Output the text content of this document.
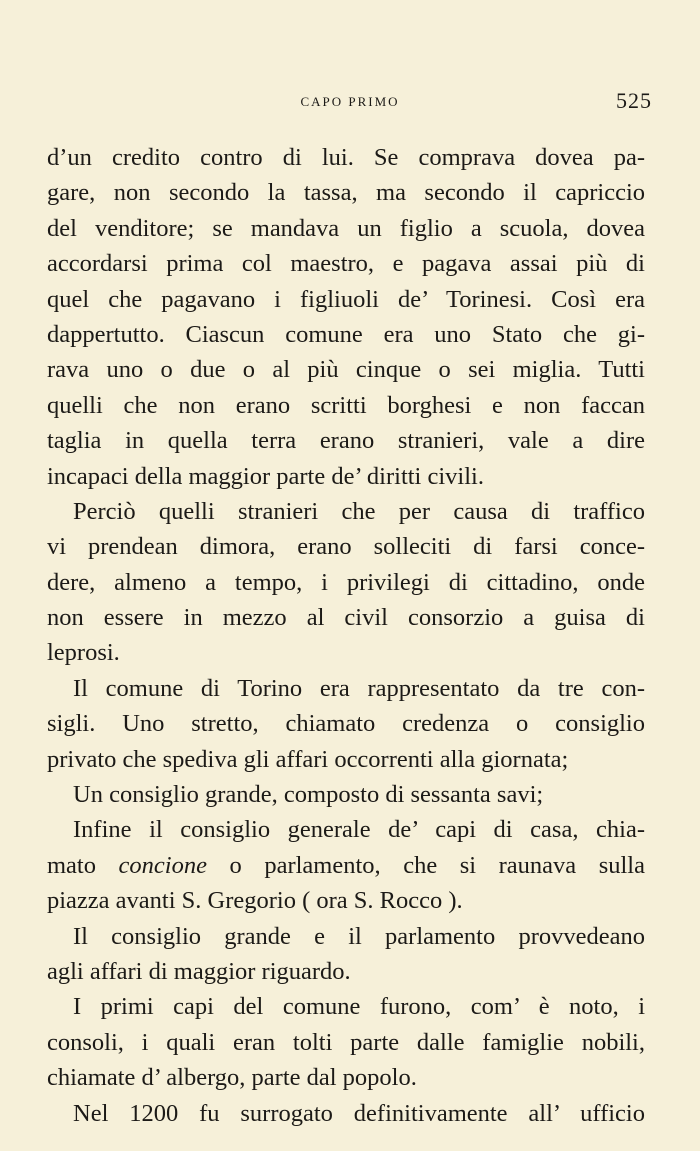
CAPO PRIMO	525
d’un credito contro di lui. Se comprava dovea pa-
gare, non secondo la tassa, ma secondo il capriccio
del venditore; se mandava un figlio a scuola, dovea
accordarsi prima col maestro, e pagava assai più di
quel che pagavano i figliuoli de’ Torinesi. Così era
dappertutto. Ciascun comune era uno Stato che gi-
rava uno o due o al più cinque o sei miglia. Tutti
quelli che non erano scritti borghesi e non faccan
taglia in quella terra erano stranieri, vale a dire
incapaci della maggior parte de’ diritti civili.
Perciò quelli stranieri che per causa di traffico
vi prendean dimora, erano solleciti di farsi conce-
dere, almeno a tempo, i privilegi di cittadino, onde
non essere in mezzo al civil consorzio a guisa di
leprosi.
Il comune di Torino era rappresentato da tre con-
sigli. Uno stretto, chiamato credenza o consiglio
privato che spediva gli affari occorrenti alla giornata;
Un consiglio grande, composto di sessanta savi;
Infine il consiglio generale de’ capi di casa, chia-
mato concione o parlamento, che si raunava sulla
piazza avanti S. Gregorio ( ora S. Rocco ).
Il consiglio grande e il parlamento provvedeano
agli affari di maggior riguardo.
I primi capi del comune furono, com’ è noto, i
consoli, i quali eran tolti parte dalle famiglie nobili,
chiamate d’ albergo, parte dal popolo.
Nel 1200 fu surrogato definitivamente all’ ufficio
